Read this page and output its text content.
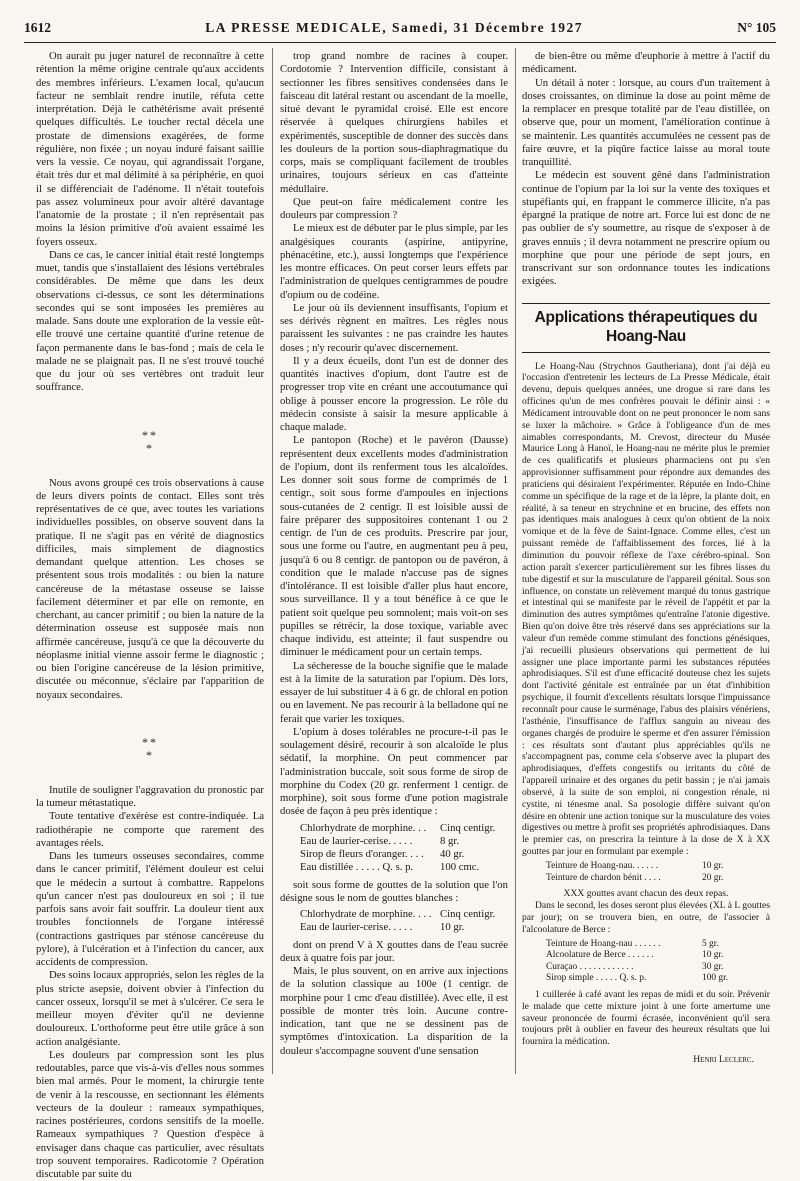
1612	LA PRESSE MEDICALE, Samedi, 31 Décembre 1927	N° 105

On aurait pu juger naturel de reconnaître à cette rétention la même origine centrale qu'aux accidents des membres inférieurs. L'examen local, qu'aucun facteur ne semblait rendre inutile, réfuta cette interprétation. Déjà le cathétérisme avait présenté quelques difficultés. Le toucher rectal décela une prostate de dimensions exagérées, de forme régulière, non fixée ; un noyau induré faisant saillie vers la vessie. Ce noyau, qui agrandissait l'organe, était très dur et mal délimité à sa périphérie, en quoi il se différenciait de l'adénome. Il n'était toutefois pas assez volumineux pour avoir altéré davantage l'anatomie de la prostate ; il n'en représentait pas moins la lésion primitive d'où avaient essaimé les foyers osseux.

Dans ce cas, le cancer initial était resté longtemps muet, tandis que s'installaient des lésions vertébrales considérables. De même que dans les deux observations ci-dessus, ce sont les déterminations secondes qui se sont imposées les premières au malade. Sans doute une exploration de la vessie eût-elle trouvé une certaine quantité d'urine retenue de façon permanente dans le bas-fond ; mais de cela le malade ne se plaignait pas. Il ne s'est trouvé touché que du jour où ses vertèbres ont traduit leur souffrance.

**
*

Nous avons groupé ces trois observations à cause de leurs divers points de contact. Elles sont très représentatives de ce que, avec toutes les variations individuelles possibles, on observe souvent dans la pratique. Il ne s'agit pas en vérité de diagnostics difficiles, mais simplement de diagnostics demandant quelque attention. Les choses se présentent sous trois modalités : ou bien la nature cancéreuse de la métastase osseuse se laisse facilement déterminer et par elle on remonte, en cherchant, au cancer primitif ; ou bien la nature de la détermination osseuse est supposée mais non affirmée cancéreuse, jusqu'à ce que la découverte du néoplasme initial vienne assoir ferme le diagnostic ; ou bien l'origine cancéreuse de la lésion primitive, discutée ou méconnue, s'éclaire par l'apparition de noyaux secondaires.

**
*

Inutile de souligner l'aggravation du pronostic par la tumeur métastatique.

Toute tentative d'exérèse est contre-indiquée. La radiothérapie ne comporte que rarement des avantages réels.

Dans les tumeurs osseuses secondaires, comme dans le cancer primitif, l'élément douleur est celui que le médecin a surtout à combattre. Rappelons qu'un cancer n'est pas douloureux en soi ; il tue parfois sans avoir fait souffrir. La douleur tient aux troubles fonctionnels de l'organe intéressé (contractions gastriques par sténose cancéreuse du pylore), à l'ulcération et à l'infection du cancer, aux accidents de compression.

Des soins locaux appropriés, selon les règles de la plus stricte asepsie, doivent obvier à l'infection du cancer osseux, lorsqu'il se met à s'ulcérer. Ce sera le meilleur moyen d'éviter qu'il ne devienne douloureux. L'orthoforme peut être utile grâce à son action analgésiante.

Les douleurs par compression sont les plus redoutables, parce que vis-à-vis d'elles nous sommes bien mal armés. Pour le moment, la chirurgie tente de venir à la rescousse, en sectionnant les éléments vecteurs de la douleur : rameaux sympathiques, racines postérieures, cordons sensitifs de la moelle. Rameaux sympathiques ? Question d'espèce à envisager dans chaque cas particulier, avec résultats trop souvent temporaires. Radicotomie ? Opération discutable par suite du

trop grand nombre de racines à couper. Cordotomie ? Intervention difficile, consistant à sectionner les fibres sensitives condensées dans le faisceau dit latéral restant ou ascendant de la moelle, situé devant le pyramidal croisé. Elle est encore réservée à quelques chirurgiens habiles et expérimentés, susceptible de donner des succès dans les douleurs de la portion sous-diaphragmatique du corps, mais se compliquant facilement de troubles urinaires, toujours sérieux en cas d'atteinte médullaire.

Que peut-on faire médicalement contre les douleurs par compression ?

Le mieux est de débuter par le plus simple, par les analgésiques courants (aspirine, antipyrine, phénacétine, etc.), aussi longtemps que l'expérience les montre efficaces. On peut corser leurs effets par l'administration de quelques centigrammes de poudre d'opium ou de codéine.

Le jour où ils deviennent insuffisants, l'opium et ses dérivés règnent en maîtres. Les règles nous paraissent les suivantes : ne pas craindre les hautes doses ; n'y recourir qu'avec discernement.

Il y a deux écueils, dont l'un est de donner des quantités inactives d'opium, dont l'autre est de progresser trop vite en créant une accoutumance qui oblige à pousser encore la progression. Le rôle du médecin consiste à saisir la mesure applicable à chaque malade.

Le pantopon (Roche) et le pavéron (Dausse) représentent deux excellents modes d'administration de l'opium, dont ils renferment tous les alcaloïdes. Les donner soit sous forme de comprimés de 1 centigr., soit sous forme d'ampoules en injections sous-cutanées de 2 centigr. Il est loisible aussi de faire préparer des suppositoires contenant 1 ou 2 centigr. de l'un de ces produits. Prescrire par jour, sous une forme ou l'autre, en augmentant peu à peu, jusqu'à 6 ou 8 centigr. de pantopon ou de pavéron, à condition que le malade n'accuse pas de signes d'intolérance. Il est loisible d'aller plus haut encore, sous surveillance. Il y a tout bénéfice à ce que le patient soit quelque peu somnolent; mais voit-on ses pupilles se rétrécir, la dose toxique, variable avec chaque individu, est atteinte; il faut suspendre ou diminuer le médicament pour un certain temps.

La sécheresse de la bouche signifie que le malade est à la limite de la saturation par l'opium. Dès lors, essayer de lui substituer 4 à 6 gr. de chloral en potion ou en lavement. Ne pas recourir à la belladone qui ne ferait que varier les toxiques.

L'opium à doses tolérables ne procure-t-il pas le soulagement désiré, recourir à son alcaloïde le plus sédatif, la morphine. On peut commencer par l'administration buccale, soit sous forme de sirop de morphine du Codex (20 gr. renferment 1 centigr. de morphine), soit sous forme d'une potion magistrale dosée de façon à peu près identique :

Chlorhydrate de morphine. . . Cinq centigr.
Eau de laurier-cerise. . . . .	8 gr.
Sirop de fleurs d'oranger. . . . 40 gr.
Eau distillée . . . . . Q. s. p.	100 cmc.

soit sous forme de gouttes de la solution que l'on désigne sous le nom de gouttes blanches :

Chlorhydrate de morphine. . . . Cinq centigr.
Eau de laurier-cerise. . . . .	10 gr.

dont on prend V à X gouttes dans de l'eau sucrée deux à quatre fois par jour.

Mais, le plus souvent, on en arrive aux injections de la solution classique au 100e (1 centigr. de morphine pour 1 cmc d'eau distillée). Avec elle, il est possible de monter très loin. Aucune contre-indication, tant que ne se dessinent pas de symptômes d'intoxication. La disparition de la douleur s'accompagne souvent d'une sensation

de bien-être ou même d'euphorie à mettre à l'actif du médicament.

Un détail à noter : lorsque, au cours d'un traitement à doses croissantes, on diminue la dose au point même de la remplacer en presque totalité par de l'eau distillée, on observe que, pour un moment, l'amélioration continue à se maintenir. Les quantités accumulées ne cessent pas de faire œuvre, et la piqûre factice laisse au moral toute tranquillité.

Le médecin est souvent gêné dans l'administration continue de l'opium par la loi sur la vente des toxiques et stupéfiants qui, en frappant le commerce illicite, n'a pas épargné la pratique de notre art. Force lui est donc de ne pas oublier de s'y soumettre, au risque de s'exposer à de graves ennuis ; il devra notamment ne prescrire opium ou morphine que pour une période de sept jours, en transcrivant sur son ordonnance toutes les indications exigées.

Applications thérapeutiques du Hoang-Nau

Le Hoang-Nau (Strychnos Gautheriana), dont j'ai déjà eu l'occasion d'entretenir les lecteurs de La Presse Médicale, était devenu, depuis quelques années, une drogue si rare dans les officines qu'un de mes confrères pouvait le définir ainsi : « Médicament introuvable dont on ne peut prononcer le nom sans se luxer la mâchoire. » Grâce à l'obligeance d'un de mes aimables correspondants, M. Crevost, directeur du Musée Maurice Long à Hanoï, le Hoang-nau ne mérite plus le premier de ces qualificatifs et plusieurs pharmaciens ont pu s'en approvisionner suffisamment pour répondre aux demandes des praticiens qui désiraient l'expérimenter. Réputée en Indo-Chine comme un spécifique de la rage et de la lèpre, la plante doit, en réalité, à sa teneur en strychnine et en brucine, des effets non pas identiques mais analogues à ceux qu'on obtient de la noix vomique et de la fève de Saint-Ignace. Comme elles, c'est un puissant remède de l'affaiblissement des forces, lié à la diminution du pouvoir réflexe de l'axe cérébro-spinal. Son action paraît s'exercer particulièrement sur les fibres lisses du tube digestif et sur la musculature de l'appareil génital. Sous son influence, on constate un relèvement marqué du tonus gastrique et intestinal qui se manifeste par le réveil de l'appétit et par la diminution des autres symptômes qu'entraîne l'atonie digestive. Bien qu'on doive être très réservé dans ses appréciations sur la valeur d'un remède comme stimulant des fonctions génésiques, j'ai recueilli plusieurs observations qui permettent de lui assigner une place importante parmi les substances réputées aphrodisiaques. S'il est d'une efficacité douteuse chez les sujets dont l'activité génitale est entraînée par un état d'inhibition psychique, il fournit d'excellents résultats lorsque l'impuissance reconnaît pour cause le surménage, l'abus des plaisirs vénériens, l'asthénie, l'insuffisance de l'afflux sanguin au niveau des organes chargés de produire le sperme et d'en assurer l'émission : ces résultats sont d'autant plus appréciables qu'ils ne s'accompagnent pas, comme cela s'observe avec la plupart des aphrodisiaques, d'effets congestifs ou irritants du côté de l'appareil urinaire et des organes du petit bassin ; je n'ai jamais observé, à la suite de son emploi, ni congestion rénale, ni cystite, ni ténesme anal. Sa posologie diffère suivant qu'on désire en obtenir une action tonique sur la musculature des voies digestives ou mettre à profit ses propriétés aphrodisiaques. Dans le premier cas, on prescrira la teinture à la dose de X à XX gouttes par jour en formulant par exemple :

Teinture de Hoang-nau. . . . . .	10 gr.
Teinture de chardon bénit . . . .	20 gr.

XXX gouttes avant chacun des deux repas.

Dans le second, les doses seront plus élevées (XL à L gouttes par jour); on se trouvera bien, en outre, de l'associer à l'alcoolature de Berce :

Teinture de Hoang-nau . . . . . .	5 gr.
Alcoolature de Berce . . . . . .	10 gr.
Curaçao . . . . . . . . . . . .	30 gr.
Sirop simple . . . . . Q. s. p.	100 gr.

1 cuillerée à café avant les repas de midi et du soir. Prévenir le malade que cette mixture joint à une forte amertume une saveur prononcée de fourmi écrasée, inconvénient qu'il sera toujours prêt à oublier en faveur des heureux résultats que lui fournira la médication.

Henri Leclerc.
